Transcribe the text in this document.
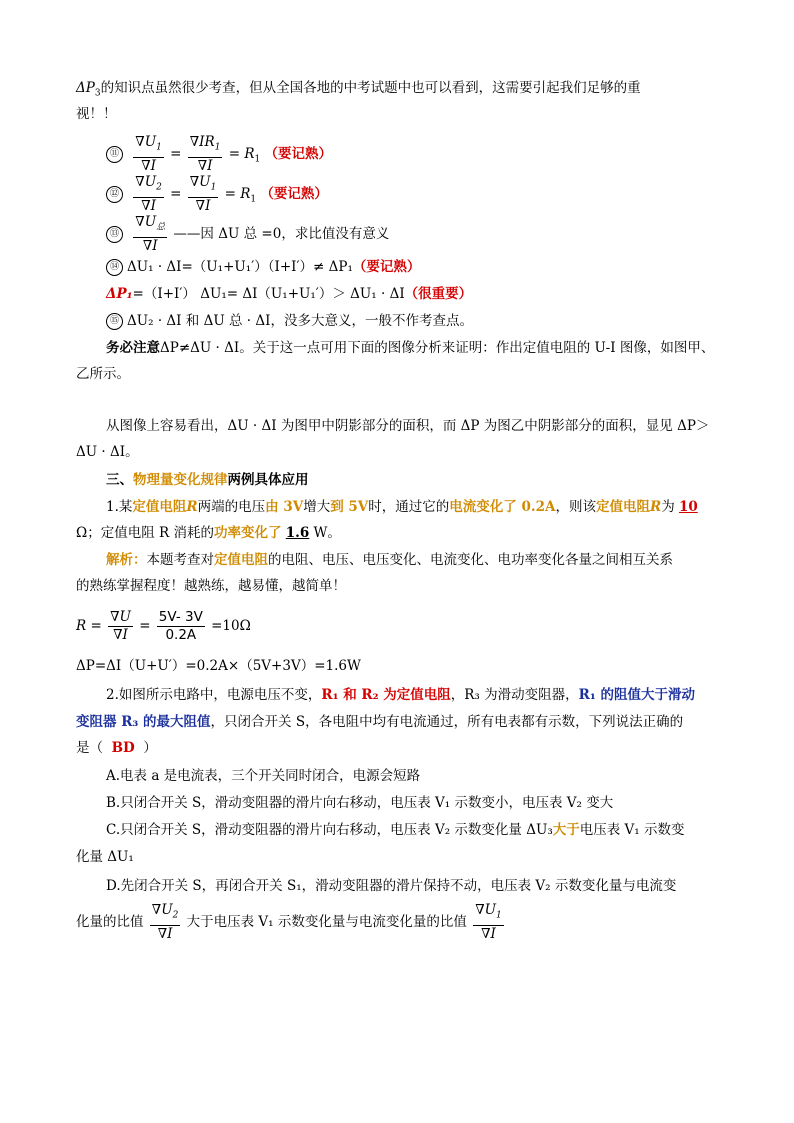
$\Delta P_3$的知识点虽然很少考查，但从全国各地的中考试题中也可以看到，这需要引起我们足够的重
视！！
⑪ $\frac{\nabla U_1}{\nabla I} = \frac{\nabla IR_1}{\nabla I} = R_1$ （要记熟）
⑫ $\frac{\nabla U_2}{\nabla I} = \frac{\nabla U_1}{\nabla I} = R_1$ （要记熟）
⑬ $\frac{\nabla U_总}{\nabla I}$ ——因 ΔU 总 =0，求比值没有意义
⑭ ΔU₁ · ΔI=（U₁+U₁′）（I+I′）≠ ΔP₁（要记熟）
ΔP₁=（I+I′） ΔU₁= ΔI（U₁+U₁′）＞ ΔU₁ · ΔI（很重要）
⑮ ΔU₂ · ΔI 和 ΔU 总 · ΔI，没多大意义，一般不作考查点。
务必注意ΔP≠ΔU · ΔI。关于这一点可用下面的图像分析来证明：作出定值电阻的 U-I 图像，如图甲、
乙所示。
从图像上容易看出，ΔU · ΔI 为图甲中阴影部分的面积，而 ΔP 为图乙中阴影部分的面积，显见 ΔP＞
ΔU · ΔI。
三、物理量变化规律两例具体应用
1.某定值电阻R两端的电压由 3V增大到 5V时，通过它的电流变化了 0.2A，则该定值电阻R为 10
Ω；定值电阻 R 消耗的功率变化了 1.6 W。
解析：本题考查对定值电阻的电阻、电压、电压变化、电流变化、电功率变化各量之间相互关系
的熟练掌握程度！越熟练，越易懂，越简单！
$R = \frac{\nabla U}{\nabla I} = \frac{5V- 3V}{0.2A} =10\Omega$
ΔP=ΔI（U+U′）=0.2A×（5V+3V）=1.6W
2.如图所示电路中，电源电压不变，R₁ 和 R₂ 为定值电阻，R₃ 为滑动变阻器，R₁ 的阻值大于滑动
变阻器 R₃ 的最大阻值，只闭合开关 S，各电阻中均有电流通过，所有电表都有示数，下列说法正确的
是（ BD ）
A.电表 a 是电流表，三个开关同时闭合，电源会短路
B.只闭合开关 S，滑动变阻器的滑片向右移动，电压表 V₁ 示数变小，电压表 V₂ 变大
C.只闭合开关 S，滑动变阻器的滑片向右移动，电压表 V₂ 示数变化量 ΔU₃大于电压表 V₁ 示数变
化量 ΔU₁
D.先闭合开关 S，再闭合开关 S₁，滑动变阻器的滑片保持不动，电压表 V₂ 示数变化量与电流变
化量的比值 $\frac{\nabla U_2}{\nabla I}$ 大于电压表 V₁ 示数变化量与电流变化量的比值 $\frac{\nabla U_1}{\nabla I}$
